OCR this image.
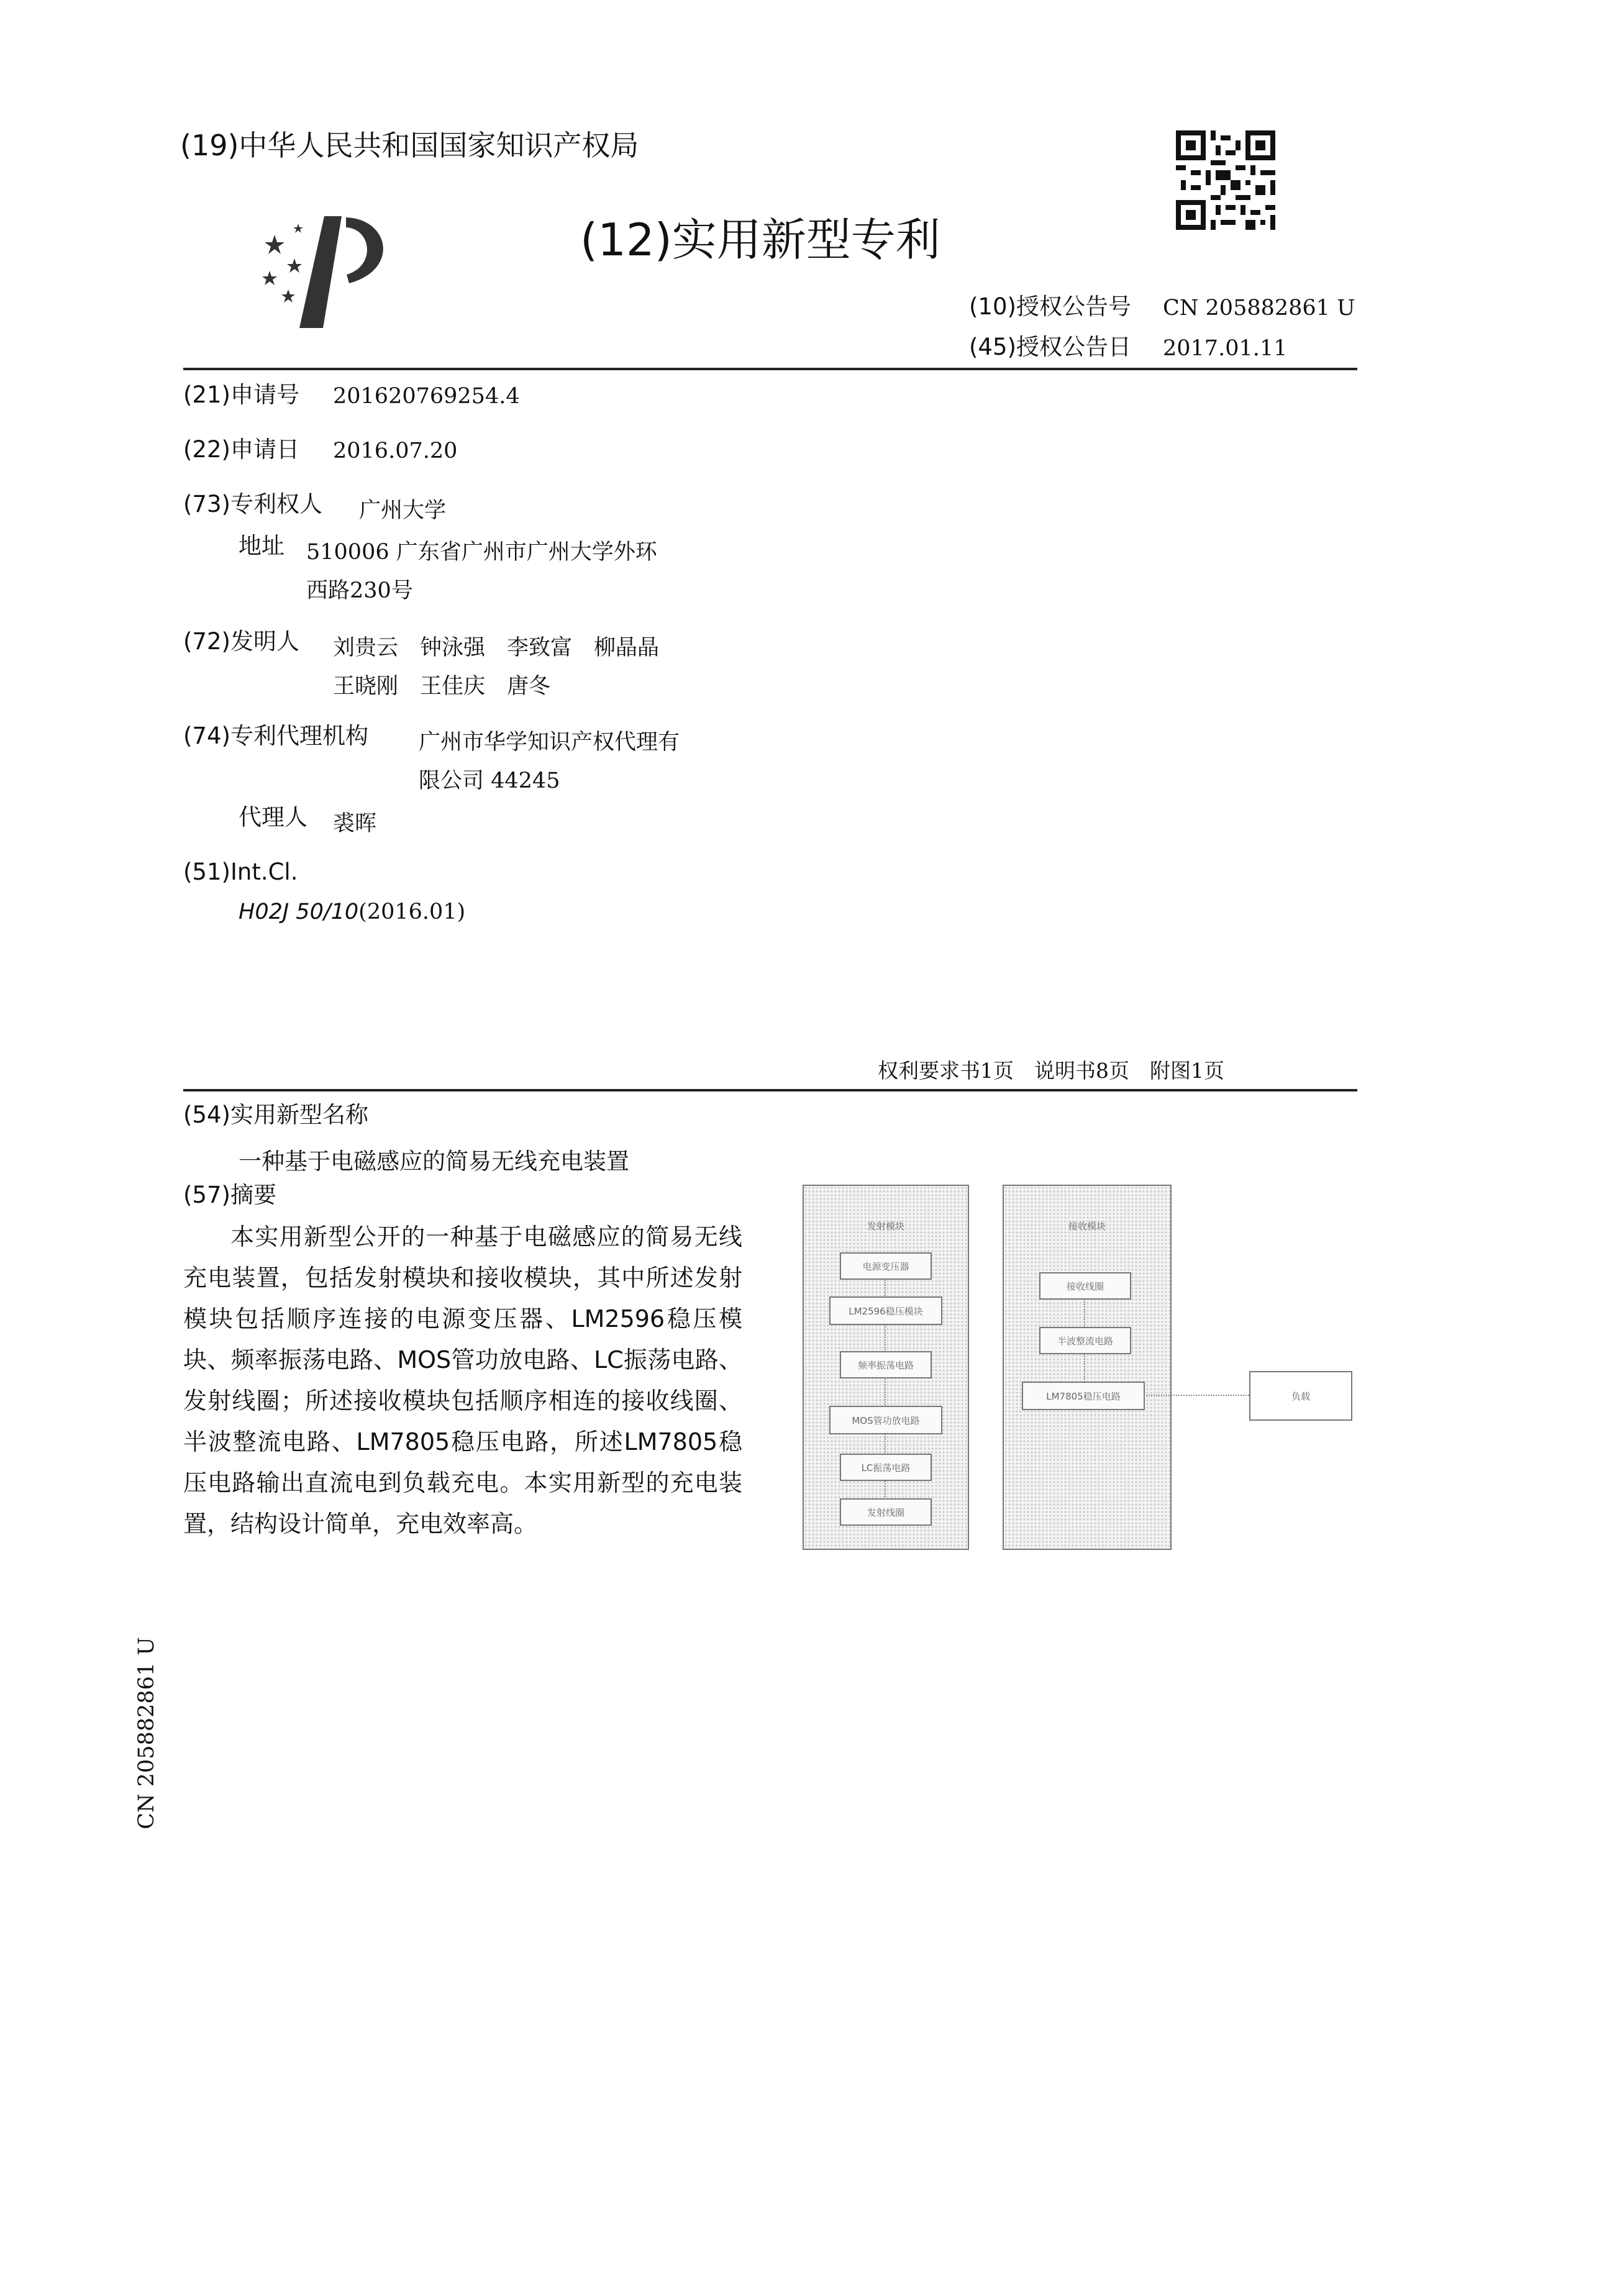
(19)中华人民共和国国家知识产权局
(12)实用新型专利
(10)授权公告号 CN 205882861 U
(45)授权公告日 2017.01.11
(21)申请号 201620769254.4
(22)申请日 2016.07.20
(73)专利权人 广州大学
地址 510006 广东省广州市广州大学外环
西路230号
(72)发明人 刘贵云　钟泳强　李致富　柳晶晶
王晓刚　王佳庆　唐冬
(74)专利代理机构 广州市华学知识产权代理有
限公司 44245
代理人 裘晖
(51)Int.Cl.
H02J 50/10(2016.01)
权利要求书1页　说明书8页　附图1页
(54)实用新型名称
一种基于电磁感应的简易无线充电装置
(57)摘要
本实用新型公开的一种基于电磁感应的简易无线充电装置，包括发射模块和接收模块，其中所述发射模块包括顺序连接的电源变压器、LM2596稳压模块、频率振荡电路、MOS管功放电路、LC振荡电路、发射线圈；所述接收模块包括顺序相连的接收线圈、半波整流电路、LM7805稳压电路，所述LM7805稳压电路输出直流电到负载充电。本实用新型的充电装置，结构设计简单，充电效率高。
发射模块
电源变压器
LM2596稳压模块
频率振荡电路
MOS管功放电路
LC振荡电路
发射线圈
接收模块
接收线圈
半波整流电路
LM7805稳压电路	负载
CN 205882861 U
